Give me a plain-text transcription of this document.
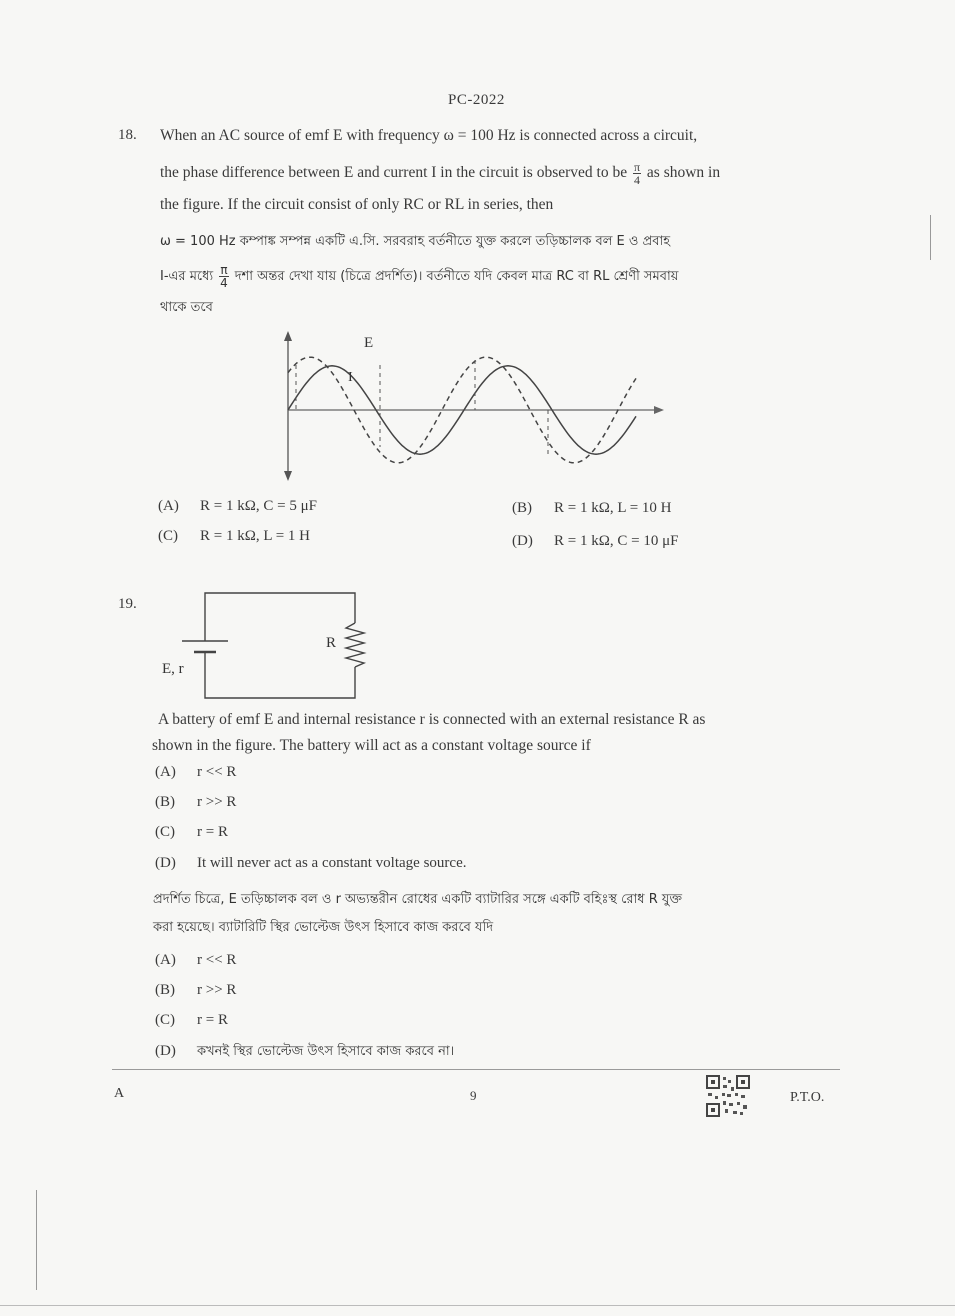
PC-2022
18. When an AC source of emf E with frequency ω = 100 Hz is connected across a circuit,
the phase difference between E and current I in the circuit is observed to be $\frac{\pi}{4}$ as shown in
the figure. If the circuit consist of only RC or RL in series, then
ω = 100 Hz কম্পাঙ্ক সম্পন্ন একটি এ.সি. সরবরাহ বর্তনীতে যুক্ত করলে তড়িচ্চালক বল E ও প্রবাহ
I-এর মধ্যে $\frac{\pi}{4}$ দশা অন্তর দেখা যায় (চিত্রে প্রদর্শিত)। বর্তনীতে যদি কেবল মাত্র RC বা RL শ্রেণী সমবায়
থাকে তবে
E
I
(A) R = 1 kΩ, C = 5 μF	(B) R = 1 kΩ, L = 10 H
(C) R = 1 kΩ, L = 1 H	(D) R = 1 kΩ, C = 10 μF
19.
R
E, r
A battery of emf E and internal resistance r is connected with an external resistance R as
shown in the figure. The battery will act as a constant voltage source if
(A) r << R
(B) r >> R
(C) r = R
(D) It will never act as a constant voltage source.
প্রদর্শিত চিত্রে, E তড়িচ্চালক বল ও r অভ্যন্তরীন রোধের একটি ব্যাটারির সঙ্গে একটি বহিঃস্থ রোধ R যুক্ত
করা হয়েছে। ব্যাটারিটি স্থির ভোল্টেজ উৎস হিসাবে কাজ করবে যদি
(A) r << R
(B) r >> R
(C) r = R
(D) কখনই স্থির ভোল্টেজ উৎস হিসাবে কাজ করবে না।
A	9	P.T.O.
